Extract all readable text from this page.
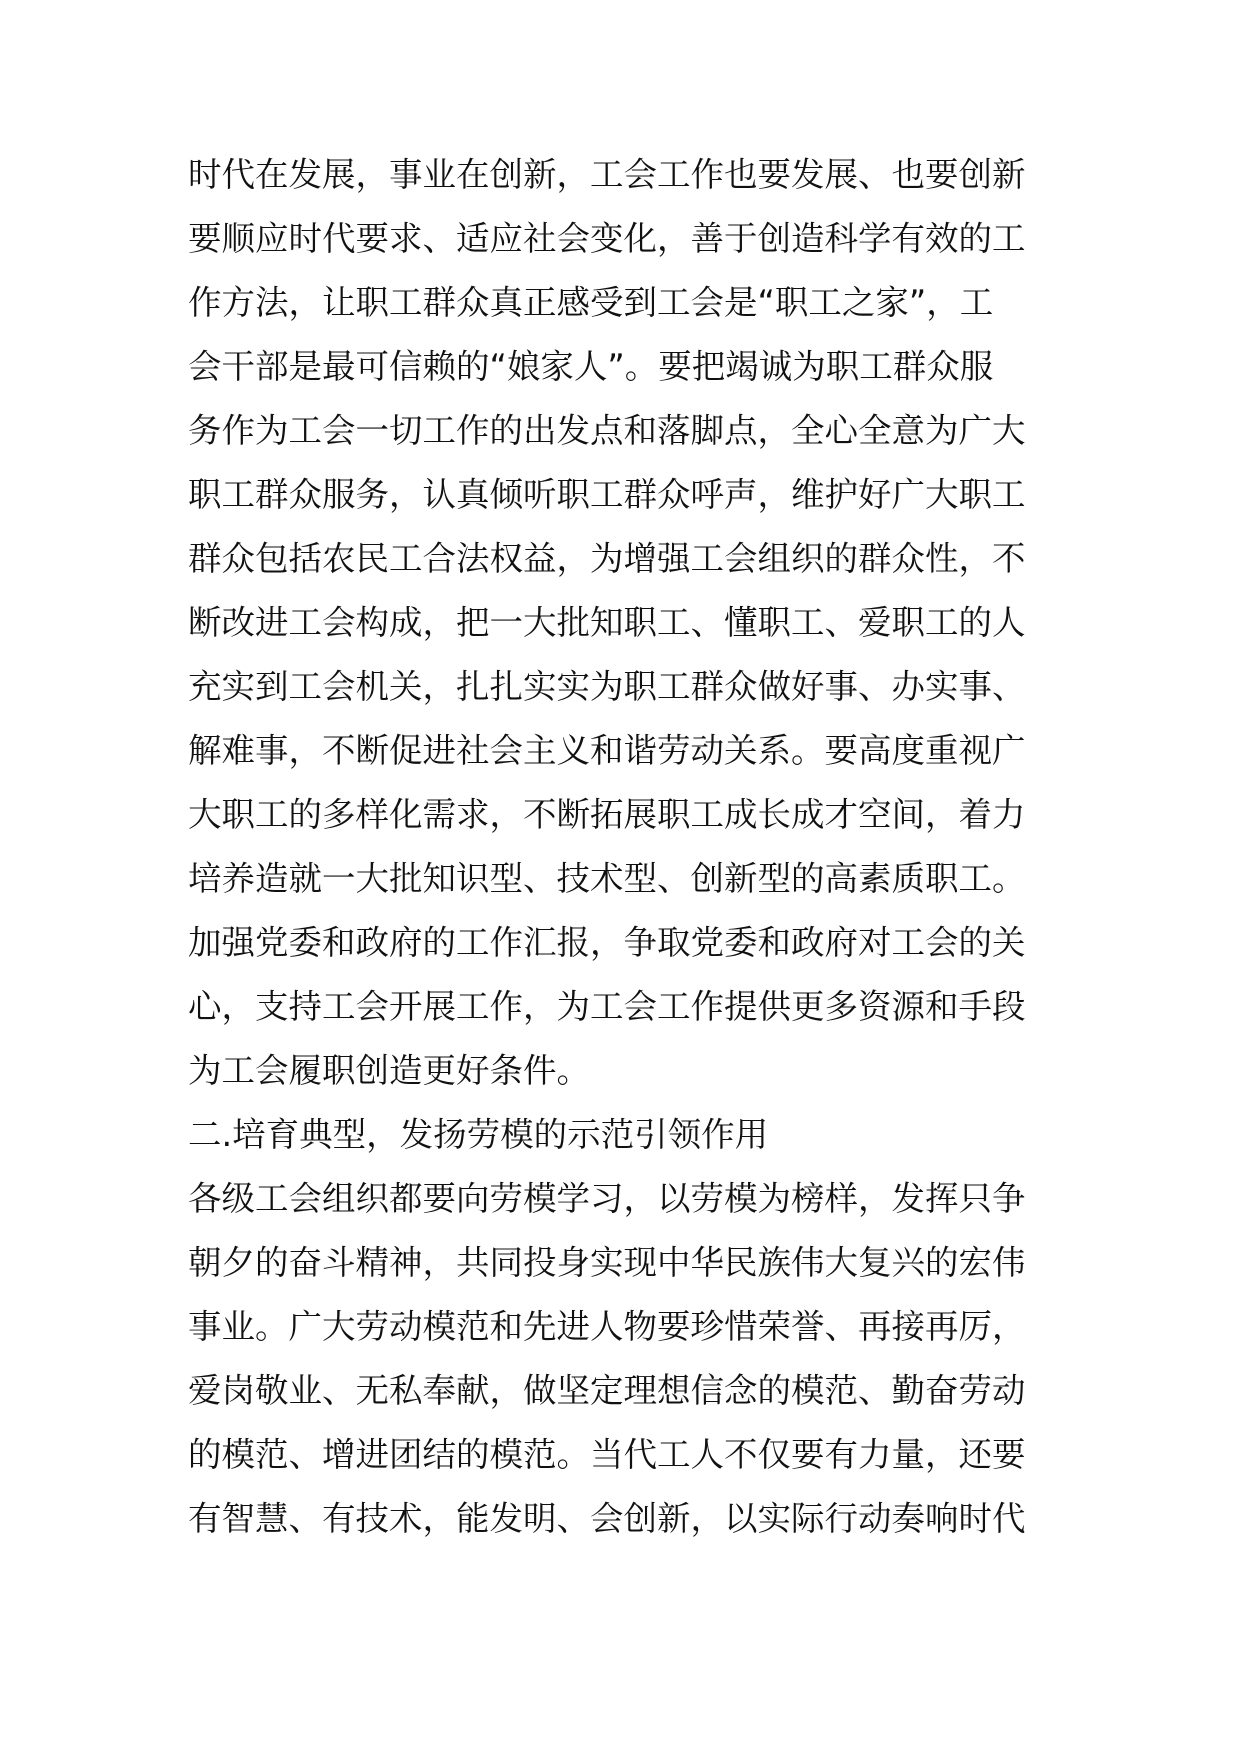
时代在发展，事业在创新，工会工作也要发展、也要创新
要顺应时代要求、适应社会变化，善于创造科学有效的工
作方法，让职工群众真正感受到工会是“职工之家”，工
会干部是最可信赖的“娘家人”。要把竭诚为职工群众服
务作为工会一切工作的出发点和落脚点，全心全意为广大
职工群众服务，认真倾听职工群众呼声，维护好广大职工
群众包括农民工合法权益，为增强工会组织的群众性，不
断改进工会构成，把一大批知职工、懂职工、爱职工的人
充实到工会机关，扎扎实实为职工群众做好事、办实事、
解难事，不断促进社会主义和谐劳动关系。要高度重视广
大职工的多样化需求，不断拓展职工成长成才空间，着力
培养造就一大批知识型、技术型、创新型的高素质职工。
加强党委和政府的工作汇报，争取党委和政府对工会的关
心，支持工会开展工作，为工会工作提供更多资源和手段
为工会履职创造更好条件。
二.培育典型，发扬劳模的示范引领作用
各级工会组织都要向劳模学习，以劳模为榜样，发挥只争
朝夕的奋斗精神，共同投身实现中华民族伟大复兴的宏伟
事业。广大劳动模范和先进人物要珍惜荣誉、再接再厉，
爱岗敬业、无私奉献，做坚定理想信念的模范、勤奋劳动
的模范、增进团结的模范。当代工人不仅要有力量，还要
有智慧、有技术，能发明、会创新，以实际行动奏响时代
